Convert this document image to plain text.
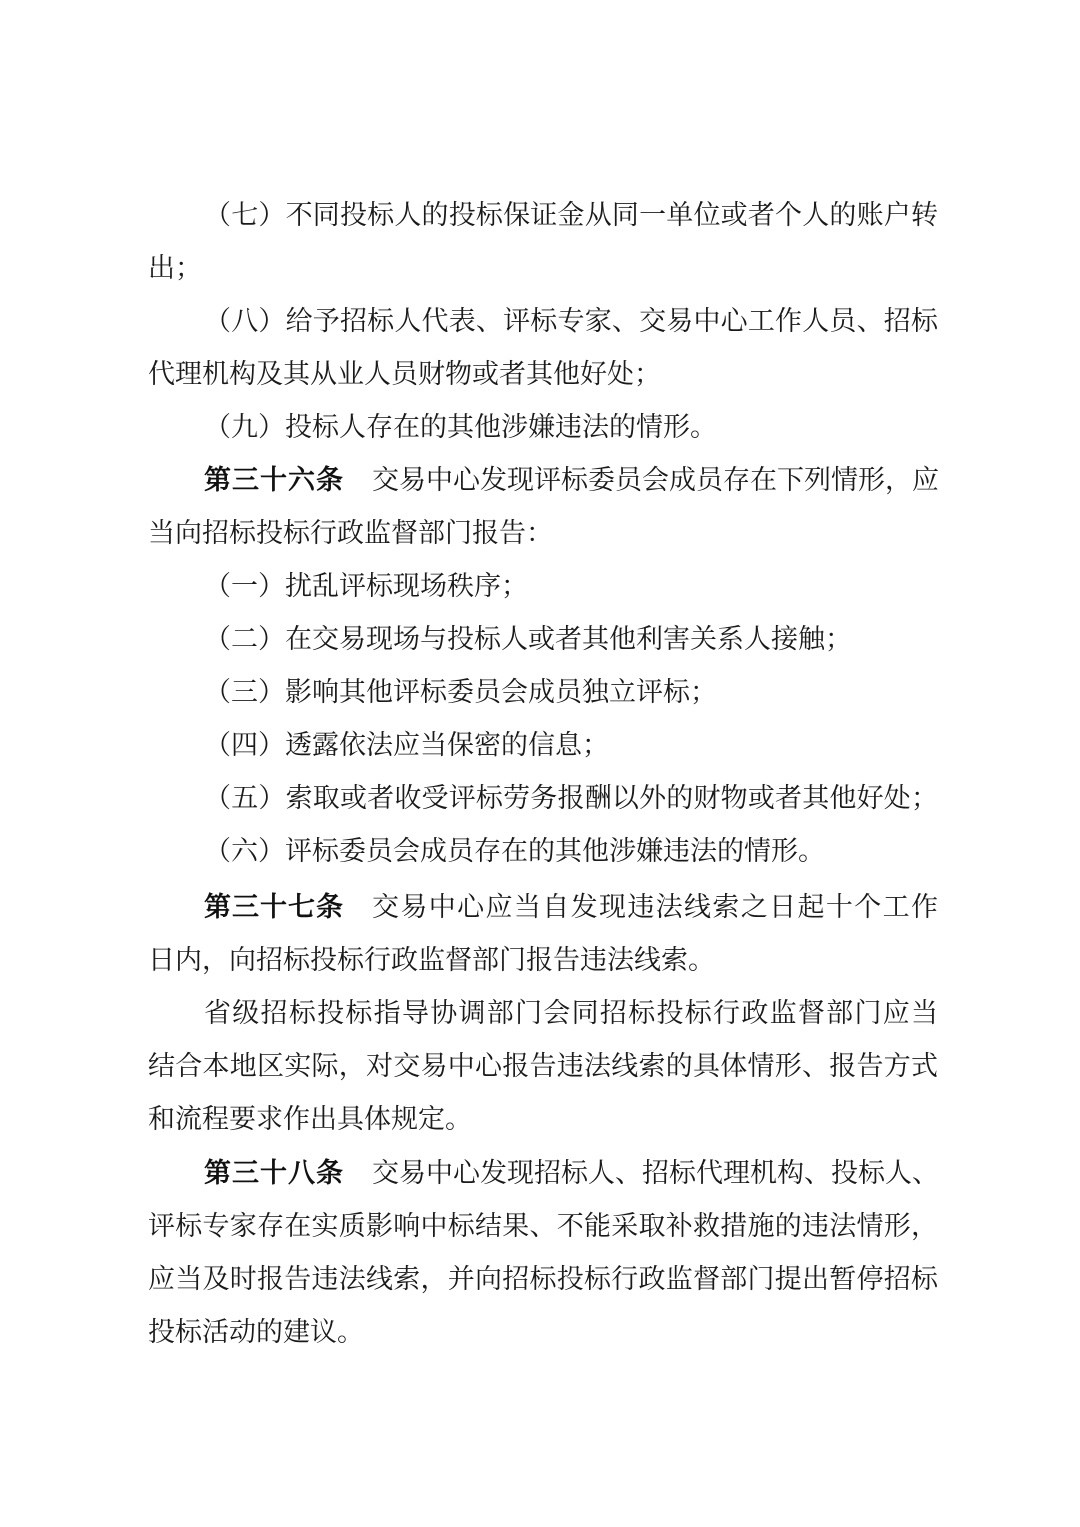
（七）不同投标人的投标保证金从同一单位或者个人的账户转
出；
（八）给予招标人代表、评标专家、交易中心工作人员、招标
代理机构及其从业人员财物或者其他好处；
（九）投标人存在的其他涉嫌违法的情形。
第三十六条 交易中心发现评标委员会成员存在下列情形，应
当向招标投标行政监督部门报告：
（一）扰乱评标现场秩序；
（二）在交易现场与投标人或者其他利害关系人接触；
（三）影响其他评标委员会成员独立评标；
（四）透露依法应当保密的信息；
（五）索取或者收受评标劳务报酬以外的财物或者其他好处；
（六）评标委员会成员存在的其他涉嫌违法的情形。
第三十七条 交易中心应当自发现违法线索之日起十个工作
日内，向招标投标行政监督部门报告违法线索。
省级招标投标指导协调部门会同招标投标行政监督部门应当
结合本地区实际，对交易中心报告违法线索的具体情形、报告方式
和流程要求作出具体规定。
第三十八条 交易中心发现招标人、招标代理机构、投标人、
评标专家存在实质影响中标结果、不能采取补救措施的违法情形，
应当及时报告违法线索，并向招标投标行政监督部门提出暂停招标
投标活动的建议。
